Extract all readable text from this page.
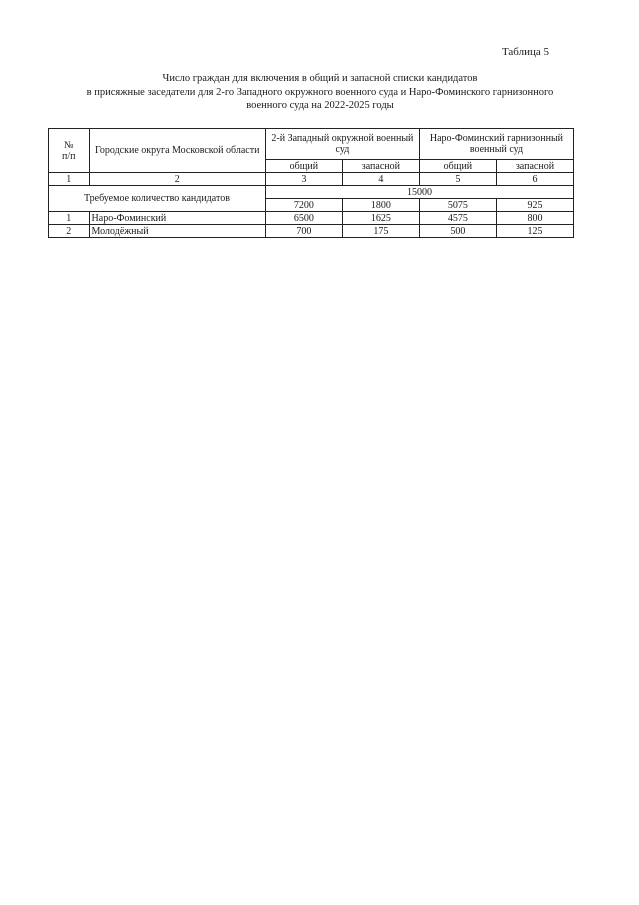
Таблица 5
Число граждан для включения в общий и запасной списки кандидатов
в присяжные заседатели для 2-го Западного окружного военного суда и Наро-Фоминского гарнизонного
военного суда на 2022-2025 годы
№
п/п	Городские округа Московской области	2-й Западный окружной военный суд		Наро-Фоминский гарнизонный военный суд	
		общий	запасной	общий	запасной
1	2	3	4	5	6
Требуемое количество кандидатов		15000			
		7200	1800	5075	925
1	Наро-Фоминский	6500	1625	4575	800
2	Молодёжный	700	175	500	125
